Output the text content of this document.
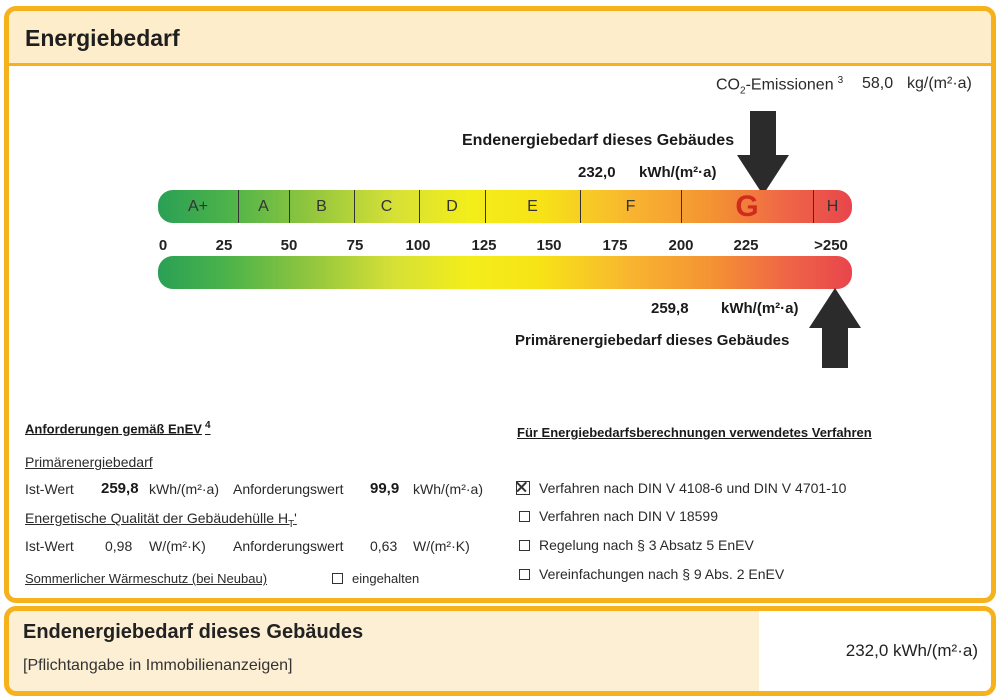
Energiebedarf
$CO_2$-Emissionen $^3$ 58,0 kg/(m²·a)
Endenergiebedarf dieses Gebäudes
232,0 kWh/(m²·a)
A+	A	B	C	D	E	F	G	H
0	25	50	75	100	125	150	175	200	225	>250
259,8 kWh/(m²·a)
Primärenergiebedarf dieses Gebäudes
Anforderungen gemäß EnEV $^4$
Primärenergiebedarf
Ist-Wert 259,8 kWh/(m²·a) Anforderungswert 99,9 kWh/(m²·a)
Energetische Qualität der Gebäudehülle $H_T'$
Ist-Wert 0,98 W/(m²·K) Anforderungswert 0,63 W/(m²·K)
Sommerlicher Wärmeschutz (bei Neubau)	eingehalten
Für Energiebedarfsberechnungen verwendetes Verfahren
Verfahren nach DIN V 4108-6 und DIN V 4701-10
Verfahren nach DIN V 18599
Regelung nach § 3 Absatz 5 EnEV
Vereinfachungen nach § 9 Abs. 2 EnEV
Endenergiebedarf dieses Gebäudes
[Pflichtangabe in Immobilienanzeigen]
232,0 kWh/(m²·a)
